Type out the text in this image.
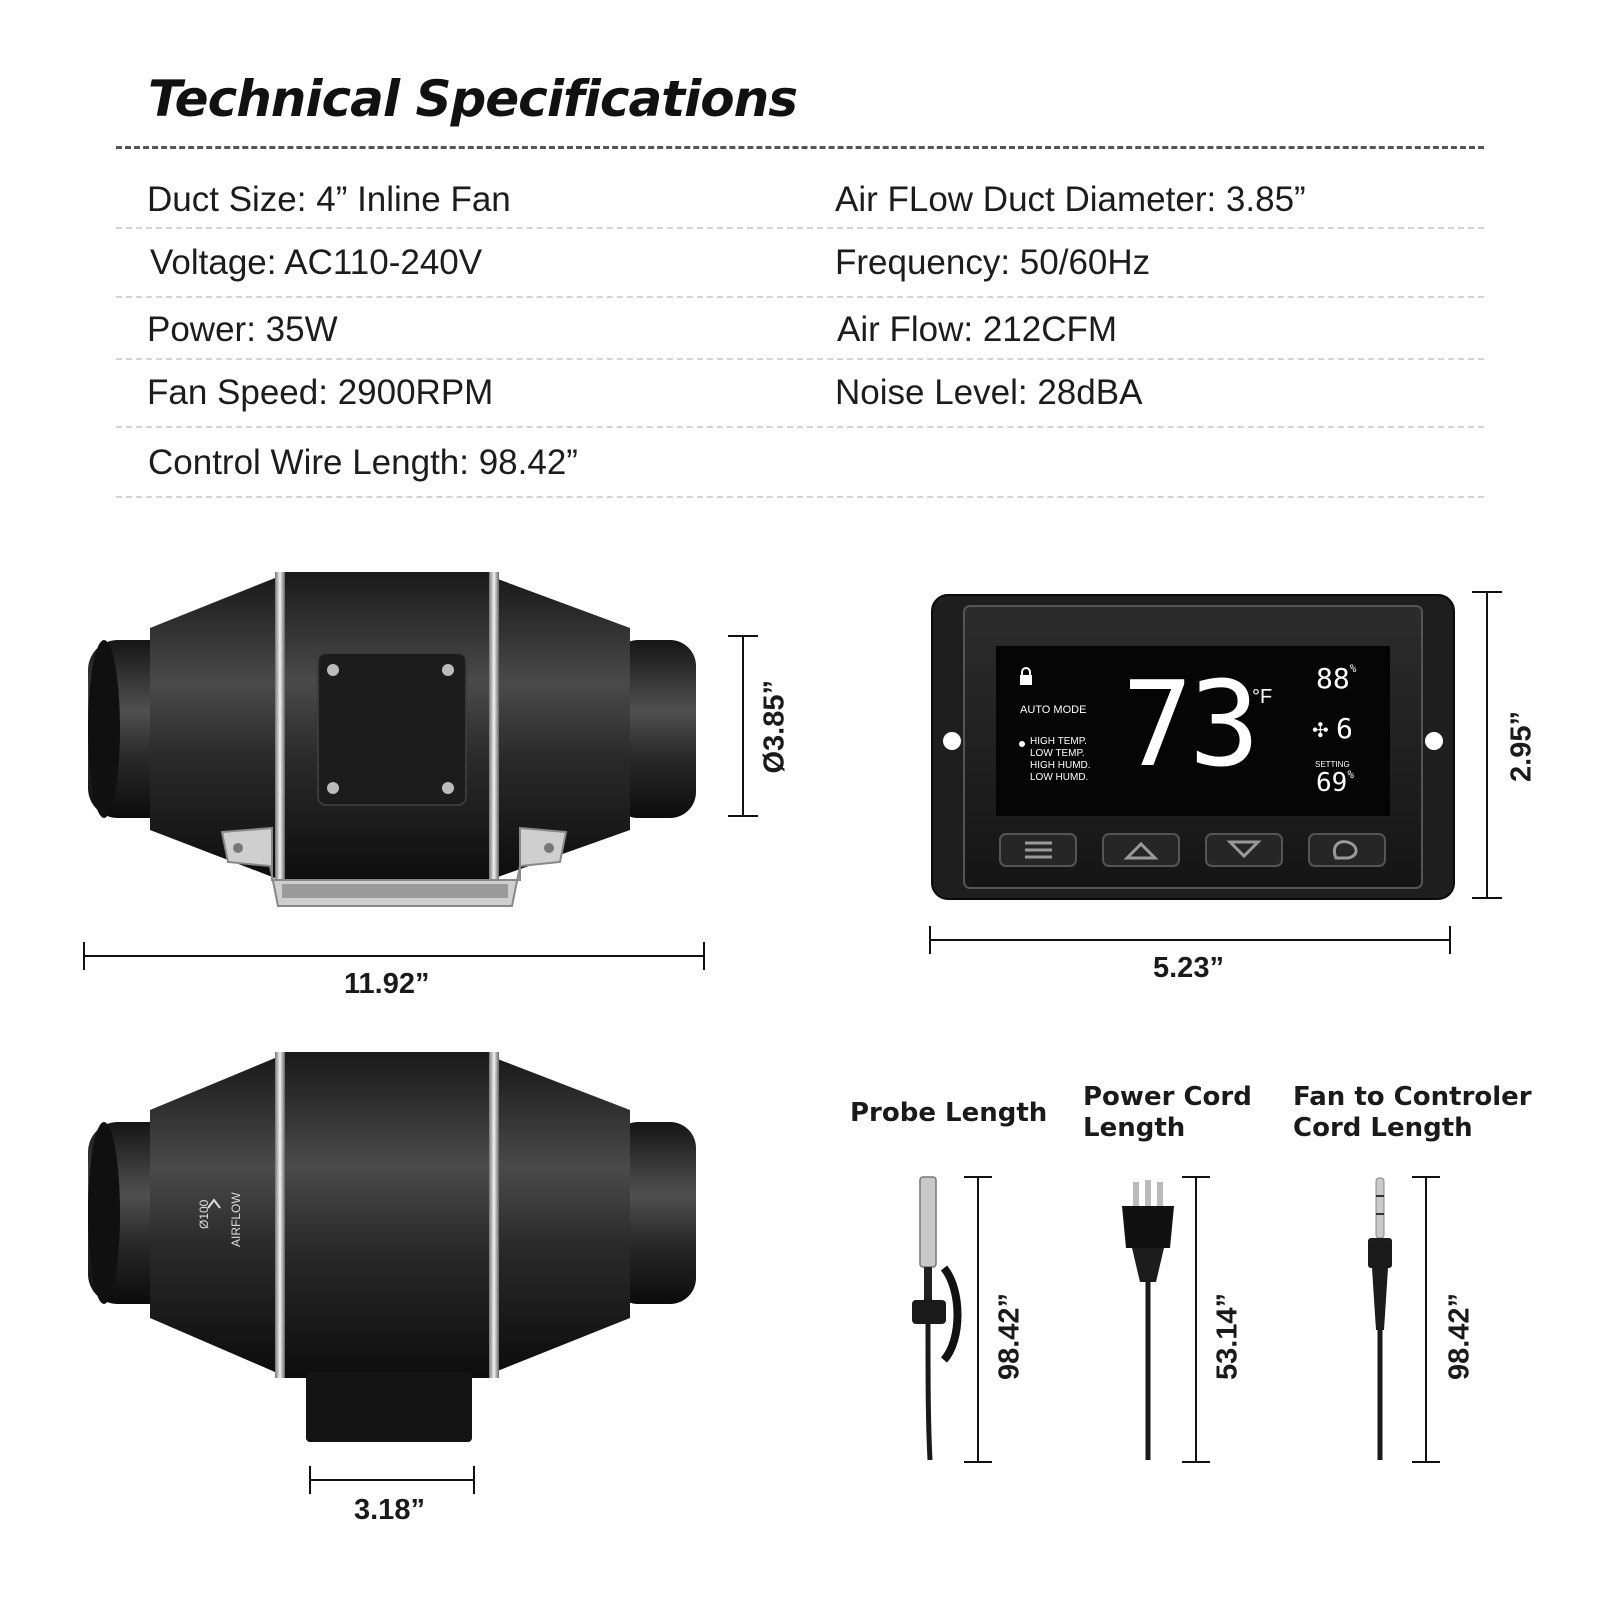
Technical Specifications
Duct Size: 4” Inline Fan	Air FLow Duct Diameter: 3.85”
Voltage: AC110-240V	Frequency: 50/60Hz
Power: 35W	Air Flow: 212CFM
Fan Speed: 2900RPM	Noise Level: 28dBA
Control Wire Length: 98.42”
Ø100 AIRFLOW
AUTO MODE
HIGH TEMP.
LOW TEMP.
HIGH HUMD.
LOW HUMD. 73
°F
88%
✣ 6
SETTING
69%
Ø3.85”
11.92”	5.23”
2.95”
3.18”
Probe Length
Power Cord
Length
Fan to Controler
Cord Length
98.42”	53.14”	98.42”
